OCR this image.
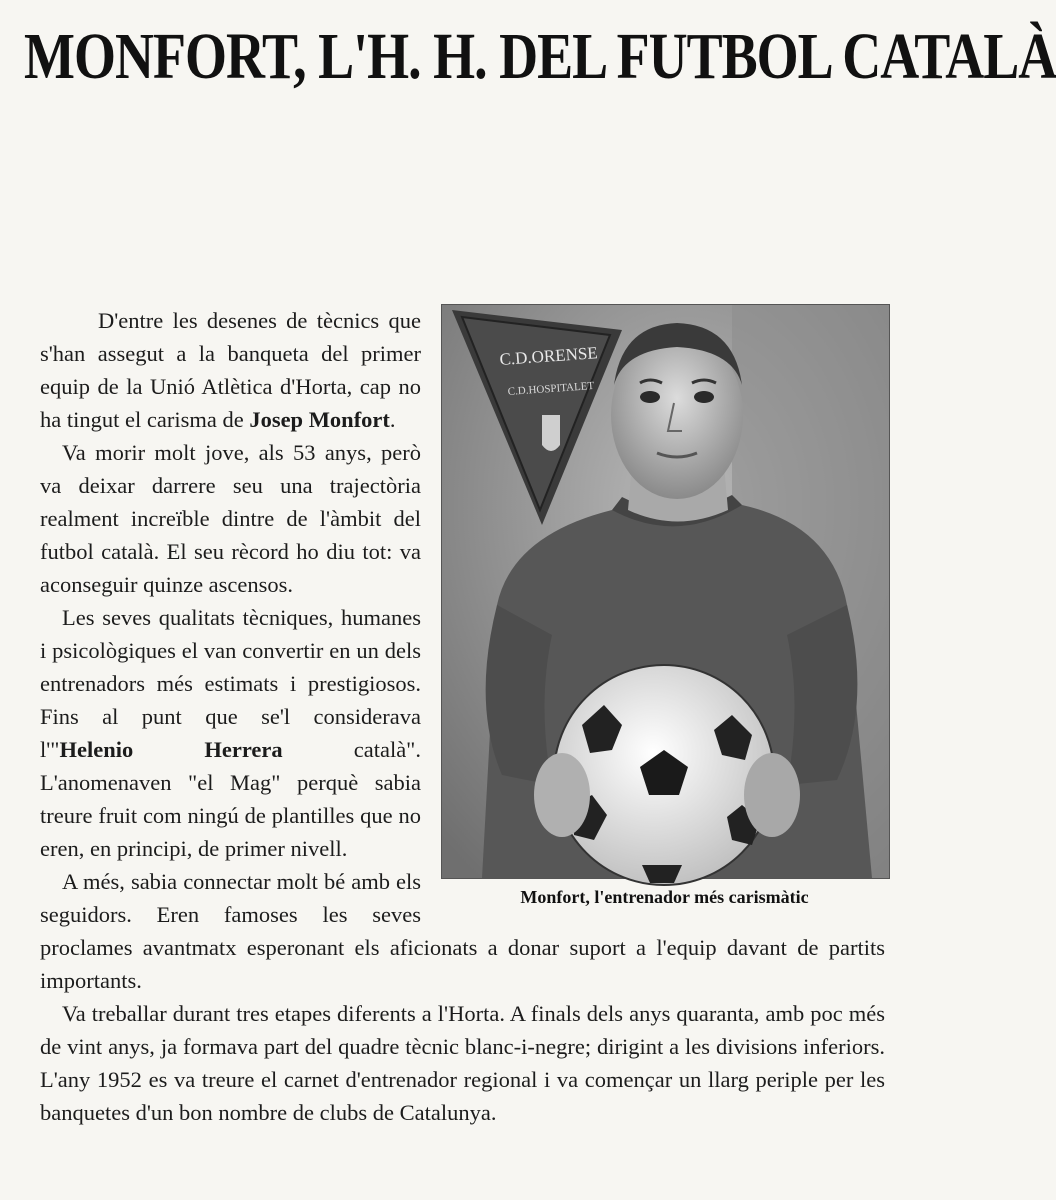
MONFORT, L'H. H. DEL FUTBOL CATALÀ
C.D.ORENSE
C.D.HOSPITALET
Monfort, l'entrenador més carismàtic

D'entre les desenes de tècnics que s'han assegut a la banqueta del primer equip de la Unió Atlètica d'Horta, cap no ha tingut el carisma de Josep Monfort.

Va morir molt jove, als 53 anys, però va deixar darrere seu una trajectòria realment increïble dintre de l'àmbit del futbol català. El seu rècord ho diu tot: va aconseguir quinze ascensos.

Les seves qualitats tècniques, humanes i psicològiques el van convertir en un dels entrenadors més estimats i prestigiosos. Fins al punt que se'l considerava l'"Helenio Herrera català". L'anomenaven "el Mag" perquè sabia treure fruit com ningú de plantilles que no eren, en principi, de primer nivell.

A més, sabia connectar molt bé amb els seguidors. Eren famoses les seves proclames avantmatx esperonant els aficionats a donar suport a l'equip davant de partits importants.

Va treballar durant tres etapes diferents a l'Horta. A finals dels anys quaranta, amb poc més de vint anys, ja formava part del quadre tècnic blanc-i-negre; dirigint a les divisions inferiors. L'any 1952 es va treure el carnet d'entrenador regional i va començar un llarg periple per les banquetes d'un bon nombre de clubs de Catalunya.
